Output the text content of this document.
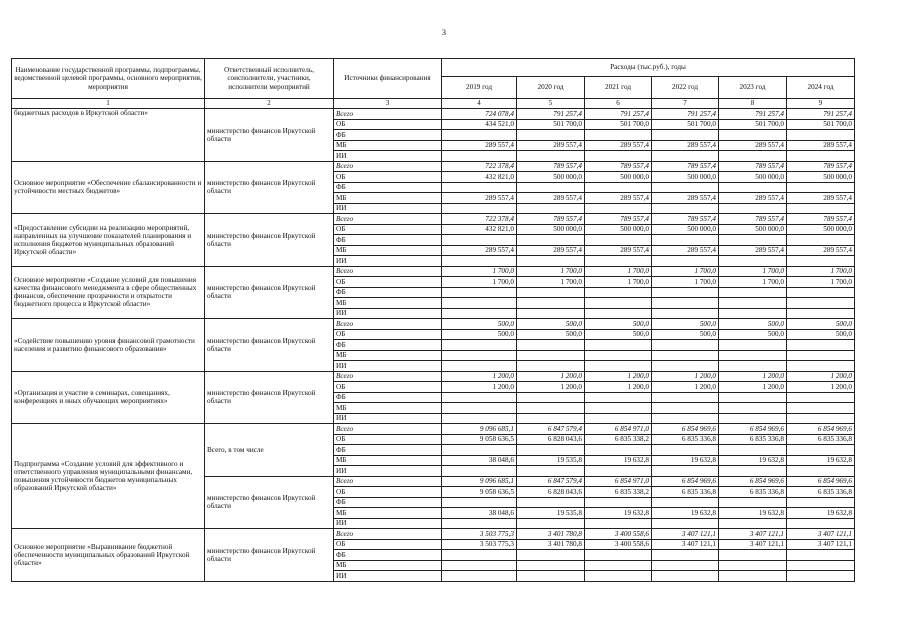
3
Наименование государственной программы, подпрограммы, ведомственной целевой программы, основного мероприятия, мероприятия	Ответственный исполнитель, соисполнители, участники, исполнители мероприятий	Источники финансирования	Расходы (тыс.руб.), годы					
			2019 год	2020 год	2021 год	2022 год	2023 год	2024 год
1	2	3	4	5	6	7	8	9
бюджетных расходов в Иркутской области»	министерство финансов Иркутской области	Всего	724 078,4	791 257,4	791 257,4	791 257,4	791 257,4	791 257,4
		ОБ	434 521,0	501 700,0	501 700,0	501 700,0	501 700,0	501 700,0
		ФБ						
		МБ	289 557,4	289 557,4	289 557,4	289 557,4	289 557,4	289 557,4
		ИИ						
Основное мероприятие «Обеспечение сбалансированности и устойчивости местных бюджетов»	министерство финансов Иркутской области	Всего	722 378,4	789 557,4	789 557,4	789 557,4	789 557,4	789 557,4
		ОБ	432 821,0	500 000,0	500 000,0	500 000,0	500 000,0	500 000,0
		ФБ						
		МБ	289 557,4	289 557,4	289 557,4	289 557,4	289 557,4	289 557,4
		ИИ						
«Предоставление субсидии на реализацию мероприятий, направленных на улучшение показателей планирования и исполнения бюджетов муниципальных образований Иркутской области»	министерство финансов Иркутской области	Всего	722 378,4	789 557,4	789 557,4	789 557,4	789 557,4	789 557,4
		ОБ	432 821,0	500 000,0	500 000,0	500 000,0	500 000,0	500 000,0
		ФБ						
		МБ	289 557,4	289 557,4	289 557,4	289 557,4	289 557,4	289 557,4
		ИИ						
Основное мероприятие «Создание условий для повышения качества финансового менеджмента в сфере общественных финансов, обеспечение прозрачности и открытости бюджетного процесса в Иркутской области»	министерство финансов Иркутской области	Всего	1 700,0	1 700,0	1 700,0	1 700,0	1 700,0	1 700,0
		ОБ	1 700,0	1 700,0	1 700,0	1 700,0	1 700,0	1 700,0
		ФБ						
		МБ						
		ИИ						
«Содействие повышению уровня финансовой грамотности населения и развитию финансового образования»	министерство финансов Иркутской области	Всего	500,0	500,0	500,0	500,0	500,0	500,0
		ОБ	500,0	500,0	500,0	500,0	500,0	500,0
		ФБ						
		МБ						
		ИИ						
«Организация и участие в семинарах, совещаниях, конференциях и иных обучающих мероприятиях»	министерство финансов Иркутской области	Всего	1 200,0	1 200,0	1 200,0	1 200,0	1 200,0	1 200,0
		ОБ	1 200,0	1 200,0	1 200,0	1 200,0	1 200,0	1 200,0
		ФБ						
		МБ						
		ИИ						
Подпрограмма «Создание условий для эффективного и ответственного управления муниципальными финансами, повышения устойчивости бюджетов муниципальных образований Иркутской области»	Всего, в том числе	Всего	9 096 685,1	6 847 579,4	6 854 971,0	6 854 969,6	6 854 969,6	6 854 969,6
		ОБ	9 058 636,5	6 828 043,6	6 835 338,2	6 835 336,8	6 835 336,8	6 835 336,8
		ФБ						
		МБ	38 048,6	19 535,8	19 632,8	19 632,8	19 632,8	19 632,8
		ИИ						
	министерство финансов Иркутской области	Всего	9 096 685,1	6 847 579,4	6 854 971,0	6 854 969,6	6 854 969,6	6 854 969,6
		ОБ	9 058 636,5	6 828 043,6	6 835 338,2	6 835 336,8	6 835 336,8	6 835 336,8
		ФБ						
		МБ	38 048,6	19 535,8	19 632,8	19 632,8	19 632,8	19 632,8
		ИИ						
Основное мероприятие «Выравнивание бюджетной обеспеченности муниципальных образований Иркутской области»	министерство финансов Иркутской области	Всего	3 503 775,3	3 401 780,8	3 400 558,6	3 407 121,1	3 407 121,1	3 407 121,1
		ОБ	3 503 775,3	3 401 780,8	3 400 558,6	3 407 121,1	3 407 121,1	3 407 121,1
		ФБ						
		МБ						
		ИИ						
